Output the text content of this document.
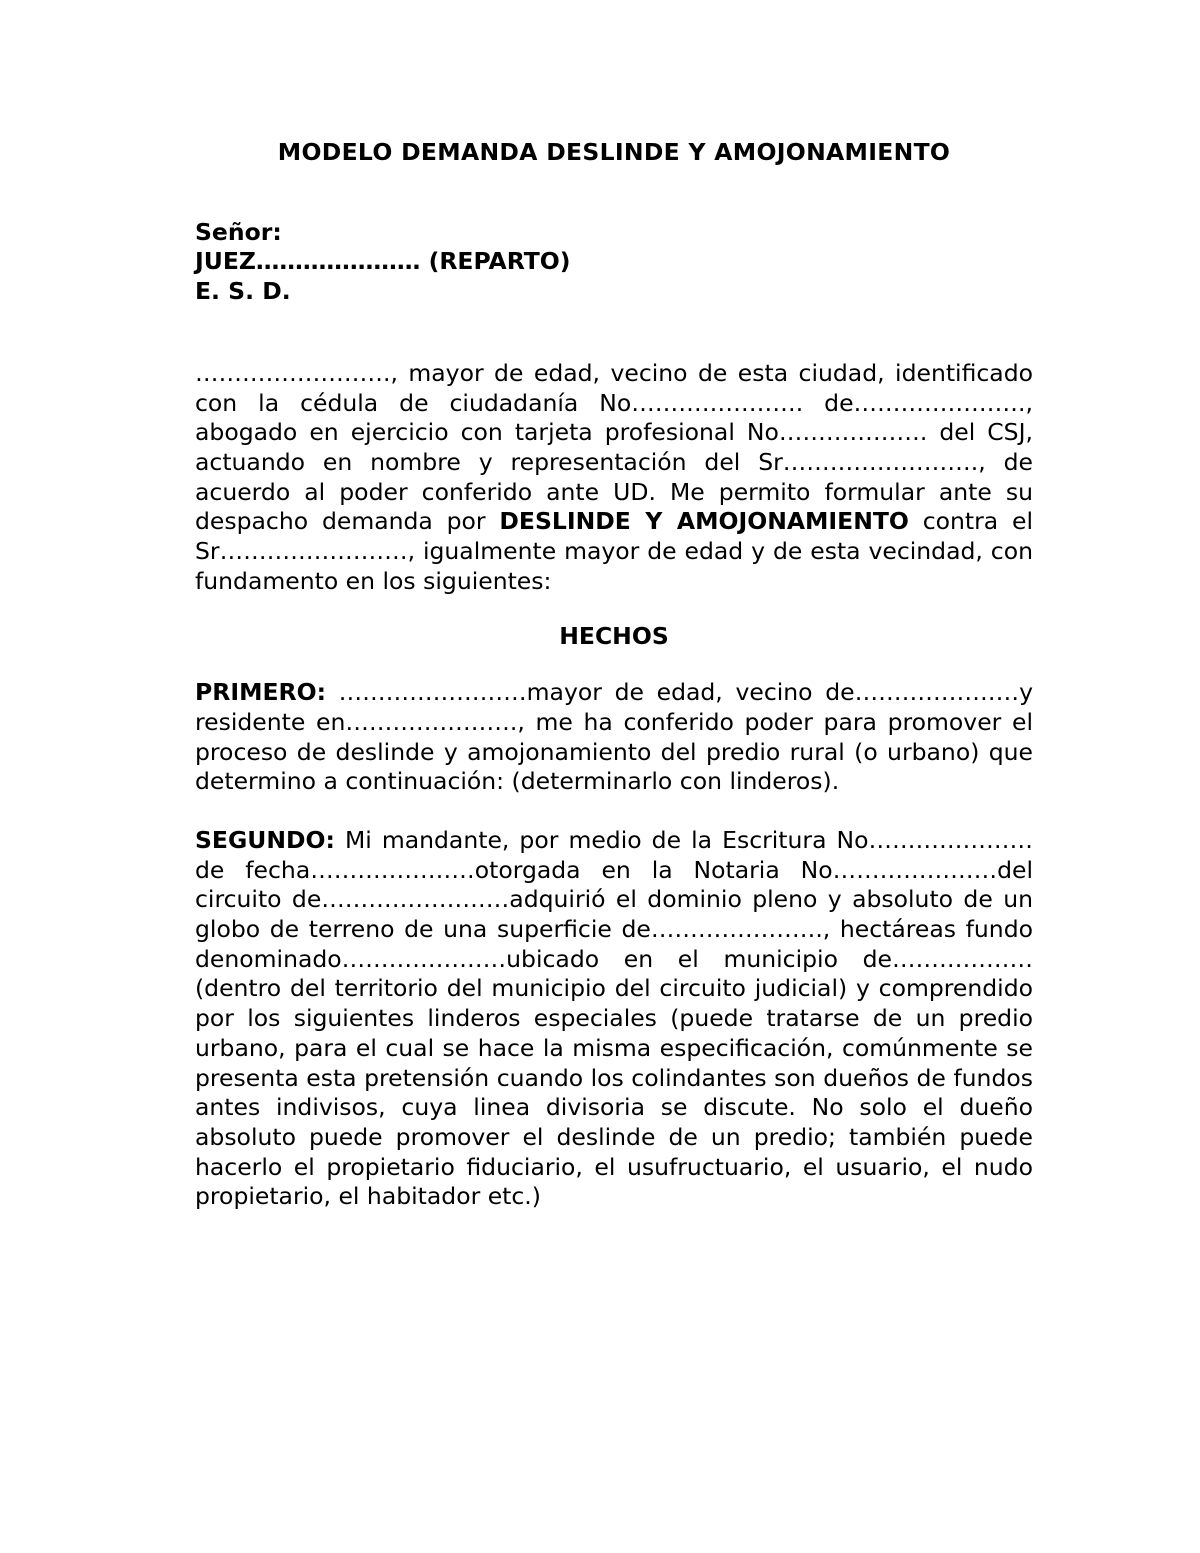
MODELO DEMANDA DESLINDE Y AMOJONAMIENTO

Señor:
JUEZ………………… (REPARTO)
E. S. D.

……………………., mayor de edad, vecino de esta ciudad, identificado con la cédula de ciudadanía No…………………. de…………………., abogado en ejercicio con tarjeta profesional No………………. del CSJ, actuando en nombre y representación del Sr……………………., de acuerdo al poder conferido ante UD. Me permito formular ante su despacho demanda por DESLINDE Y AMOJONAMIENTO contra el Sr……………………, igualmente mayor de edad y de esta vecindad, con fundamento en los siguientes:

HECHOS

PRIMERO: ……………………mayor de edad, vecino de…………………y residente en…………………., me ha conferido poder para promover el proceso de deslinde y amojonamiento del predio rural (o urbano) que determino a continuación: (determinarlo con linderos).

SEGUNDO: Mi mandante, por medio de la Escritura No…………………de fecha…………………otorgada en la Notaria No…………………del circuito de……………………adquirió el dominio pleno y absoluto de un globo de terreno de una superficie de…………………., hectáreas fundo denominado…………………ubicado en el municipio de………………(dentro del territorio del municipio del circuito judicial) y comprendido por los siguientes linderos especiales (puede tratarse de un predio urbano, para el cual se hace la misma especificación, comúnmente se presenta esta pretensión cuando los colindantes son dueños de fundos antes indivisos, cuya linea divisoria se discute. No solo el dueño absoluto puede promover el deslinde de un predio; también puede hacerlo el propietario fiduciario, el usufructuario, el usuario, el nudo propietario, el habitador etc.)
